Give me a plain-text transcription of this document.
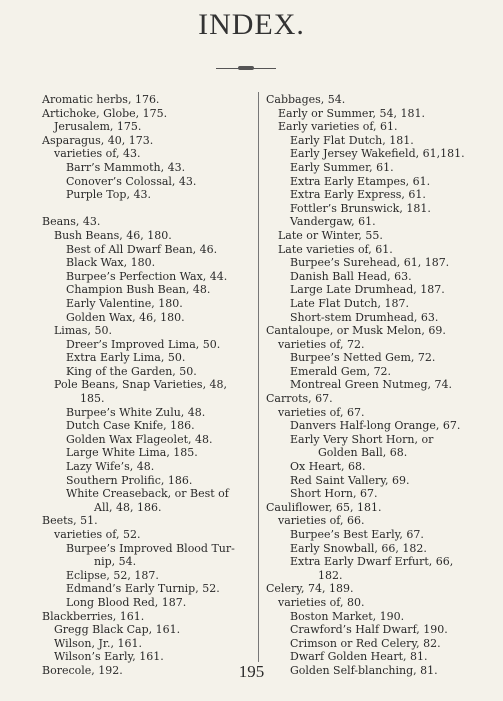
INDEX.
Aromatic herbs, 176.
Artichoke, Globe, 175.
Jerusalem, 175.
Asparagus, 40, 173.
varieties of, 43.
Barr’s Mammoth, 43.
Conover’s Colossal, 43.
Purple Top, 43.
Beans, 43.
Bush Beans, 46, 180.
Best of All Dwarf Bean, 46.
Black Wax, 180.
Burpee’s Perfection Wax, 44.
Champion Bush Bean, 48.
Early Valentine, 180.
Golden Wax, 46, 180.
Limas, 50.
Dreer’s Improved Lima, 50.
Extra Early Lima, 50.
King of the Garden, 50.
Pole Beans, Snap Varieties, 48,
185.
Burpee’s White Zulu, 48.
Dutch Case Knife, 186.
Golden Wax Flageolet, 48.
Large White Lima, 185.
Lazy Wife’s, 48.
Southern Prolific, 186.
White Creaseback, or Best of
All, 48, 186.
Beets, 51.
varieties of, 52.
Burpee’s Improved Blood Tur-
nip, 54.
Eclipse, 52, 187.
Edmand’s Early Turnip, 52.
Long Blood Red, 187.
Blackberries, 161.
Gregg Black Cap, 161.
Wilson, Jr., 161.
Wilson’s Early, 161.
Borecole, 192.
Cabbages, 54.
Early or Summer, 54, 181.
Early varieties of, 61.
Early Flat Dutch, 181.
Early Jersey Wakefield, 61,181.
Early Summer, 61.
Extra Early Etampes, 61.
Extra Early Express, 61.
Fottler’s Brunswick, 181.
Vandergaw, 61.
Late or Winter, 55.
Late varieties of, 61.
Burpee’s Surehead, 61, 187.
Danish Ball Head, 63.
Large Late Drumhead, 187.
Late Flat Dutch, 187.
Short-stem Drumhead, 63.
Cantaloupe, or Musk Melon, 69.
varieties of, 72.
Burpee’s Netted Gem, 72.
Emerald Gem, 72.
Montreal Green Nutmeg, 74.
Carrots, 67.
varieties of, 67.
Danvers Half-long Orange, 67.
Early Very Short Horn, or
Golden Ball, 68.
Ox Heart, 68.
Red Saint Vallery, 69.
Short Horn, 67.
Cauliflower, 65, 181.
varieties of, 66.
Burpee’s Best Early, 67.
Early Snowball, 66, 182.
Extra Early Dwarf Erfurt, 66,
182.
Celery, 74, 189.
varieties of, 80.
Boston Market, 190.
Crawford’s Half Dwarf, 190.
Crimson or Red Celery, 82.
Dwarf Golden Heart, 81.
Golden Self-blanching, 81.
195
